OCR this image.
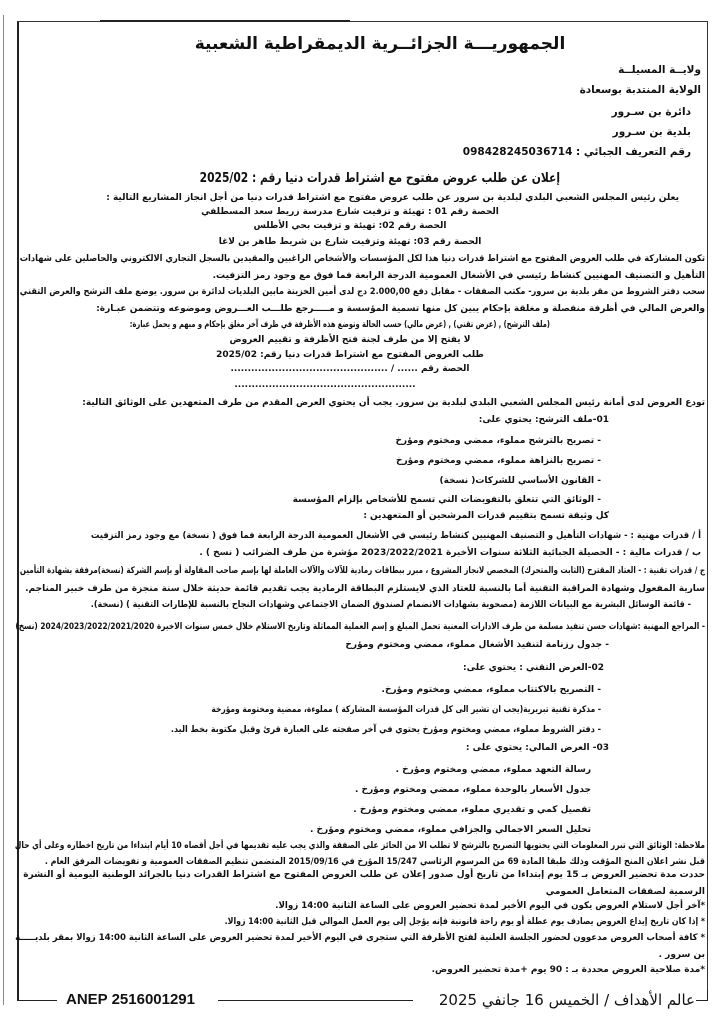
الجمهوريـــة الجزائــرية الديمقراطية الشعبية
ولايــة المسيلــة
الولاية المنتدبة بوسعادة
دائرة بن سـرور
بلدية بن سـرور
رقم التعريف الجبائي : 098428245036714
إعلان عن طلب عروض مفتوح مع اشتراط قدرات دنيا رقم : 2025/02
يعلن رئيس المجلس الشعبي البلدي لبلدية بن سرور عن طلب عروض مفتوح مع اشتراط قدرات دنيا من أجل انجاز المشاريع التالية :
الحصة رقم 01 : تهيئة و تزفيت شارع مدرسة زريط سعد المسطلفي
الحصة رقم 02: تهيئة و تزفيت بحي الأطلس
الحصة رقم 03: تهيئة وتزفيت شارع بن شريط طاهر بن لاغا
تكون المشاركة في طلب العروض المفتوح مع اشتراط قدرات دنيا هذا لكل المؤسسات والأشخاص الراغبين والمقيدين بالسجل التجاري الالكتروني والحاصلين على شهادات
التأهيل و التصنيف المهنيين كنشاط رئيسي في الأشغال العمومية الدرجة الرابعة فما فوق مع وجود رمز التزفيت.
سحب دفتر الشروط من مقر بلدية بن سرور- مكتب الصفقات - مقابل دفع 2.000,00 دج لدى أمين الخزينة مابين البلديات لدائرة بن سرور. يوضع ملف الترشح والعرض التقني
والعرض المالي في أظرفة منفصلة و مغلقة بإحكام يبين كل منها تسمية المؤسسة و مـــــرجع طلـــب العـــروض وموضوعه وتتضمن عبـارة:
(ملف الترشح) , (عرض تقني) , (عرض مالي) حسب الحالة وتوضع هذه الأظرفة في ظرف آخر مغلق بإحكام و مبهم و يحمل عبارة:
لا يفتح إلا من طرف لجنة فتح الأظرفة و تقييم العروض
طلب العروض المفتوح مع اشتراط قدرات دنيا رقم: 2025/02
الحصة رقم ...... / ..............................................
.....................................................
تودع العروض لدى أمانة رئيس المجلس الشعبي البلدي لبلدية بن سرور. يجب أن يحتوي العرض المقدم من طرف المتعهدين على الوثائق التالية:
01-ملف الترشح: يحتوي على:
- تصريح بالترشح مملوء، ممضي ومختوم ومؤرخ
- تصريح بالنزاهة مملوء، ممضي ومختوم ومؤرخ
- القانون الأساسي للشركات( نسخة)
- الوثائق التي تتعلق بالتفويضات التي تسمح للأشخاص بإلزام المؤسسة
كل وثيقة تسمح بتقييم قدرات المرشحين أو المتعهدين :
أ / قدرات مهنية : - شهادات التأهيل و التصنيف المهنيين كنشاط رئيسي في الأشغال العمومية الدرجة الرابعة فما فوق ( نسخة) مع وجود رمز التزفيت
ب / قدرات مالية : - الحصيلة الجبائية الثلاثة سنوات الأخيرة 2023/2022/2021 مؤشرة من طرف الضرائب ( نسخ ) .
ج / قدرات تقنية : - العتاد المقترح (الثابت والمتحرك) المخصص لانجاز المشروع ، مبرر ببطاقات رمادية للآلات والآلات العاملة لها بإسم صاحب المقاولة أو بإسم الشركة (نسخة)مرفقة بشهادة التأمين
سارية المفعول وشهادة المراقبة التقنية أما بالنسبة للعتاد الذي لايستلزم البطاقة الرمادية يجب تقديم قائمة حديثة خلال سنة منجزة من طرف خبير المناجم.
- قائمة الوسائل البشرية مع البيانات اللازمة (مصحوبة بشهادات الانضمام لصندوق الضمان الاجتماعي وشهادات النجاح بالنسبة للإطارات التقنية ) (نسخة).
- المراجع المهنية :شهادات حسن تنفيذ مسلمة من طرف الادارات المعنية تحمل المبلغ و إسم العملية المماثلة وتاريخ الاستلام خلال خمس سنوات الاخيرة 2024/2023/2022/2021/2020 (نسخ)
- جدول رزنامة لتنفيذ الأشغال مملوء، ممضي ومختوم ومؤرخ
02-العرض التقني : يحتوي على:
- التصريح بالاكتتاب مملوء، ممضي ومختوم ومؤرخ.
- مذكرة تقنية تبريرية(يجب ان تشير الى كل قدرات المؤسسة المشاركة ) مملوءة، ممضية ومختومة ومؤرخة
- دفتر الشروط مملوء، ممضي ومختوم ومؤرخ يحتوي في آخر صفحته على العبارة قرئ وقبل مكتوبة بخط اليد.
03- العرض المالي: يحتوي على :
رسالة التعهد مملوء، ممضي ومختوم ومؤرخ .
جدول الأسعار بالوحدة مملوء، ممضي ومختوم ومؤرخ .
تفصيل كمي و تقديري مملوء، ممضي ومختوم ومؤرخ .
تحليل السعر الاجمالي والجزافي مملوء، ممضي ومختوم ومؤرخ .
ملاحظة: الوثائق التي تبرر المعلومات التي يحتويها التصريح بالترشح لا تطلب الا من الحائز على الصفقة والذي يجب عليه تقديمها في أجل أقصاه 10 أيام ابتداءا من تاريخ اخطاره وعلى أي حال
قبل نشر اعلان المنح المؤقت وذلك طبقا المادة 69 من المرسوم الرئاسي 15/247 المؤرخ في 2015/09/16 المتضمن تنظيم الصفقات العمومية و تفويضات المرفق العام .
حددت مدة تحضير العروض بـ 15 يوم إبتداءا من تاريخ أول صدور إعلان عن طلب العروض المفتوح مع اشتراط القدرات دنيا بالجرائد الوطنية اليومية أو النشرة
الرسمية لصفقات المتعامل العمومي
*آخر أجل لاستلام العروض يكون في اليوم الأخير لمدة تحضير العروض على الساعة الثانية 14:00 زوالا.
* إذا كان تاريخ إيداع العروض يصادف يوم عطلة أو يوم راحة قانونية فإنه يؤجل إلى يوم العمل الموالي قبل الثانية 14:00 زوالا.
* كافة أصحاب العروض مدعوون لحضور الجلسة العلنية لفتح الأظرفة التي ستجرى في اليوم الأخير لمدة تحضير العروض على الساعة الثانية 14:00 زوالا بمقر بلديـــــة
بن سرور .
*مدة صلاحية العروض محددة بـ : 90 يوم +مدة تحضير العروض.
ANEP 2516001291	عالم الأهداف / الخميس 16 جانفي 2025
